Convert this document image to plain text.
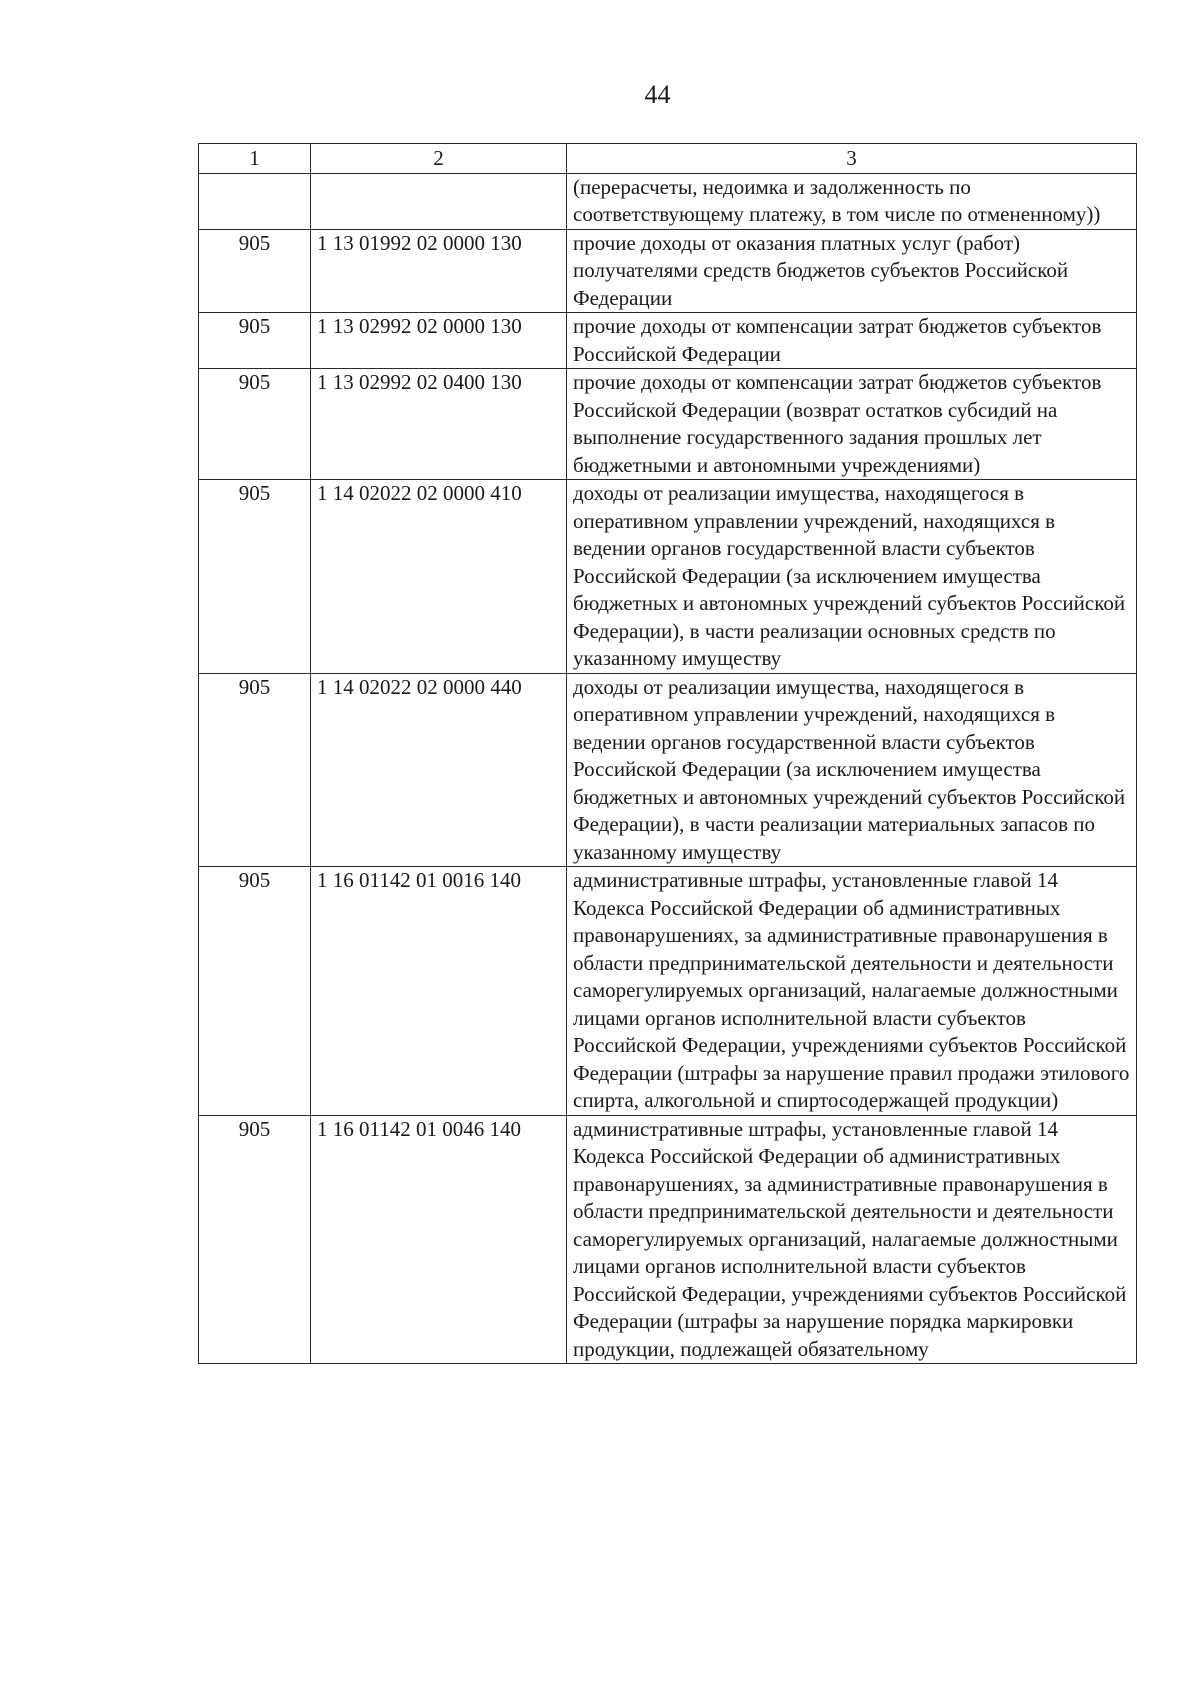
44
1	2	3
		(перерасчеты, недоимка и задолженность по соответствующему платежу, в том числе по отмененному))
905	1 13 01992 02 0000 130	прочие доходы от оказания платных услуг (работ) получателями средств бюджетов субъектов Российской Федерации
905	1 13 02992 02 0000 130	прочие доходы от компенсации затрат бюджетов субъектов Российской Федерации
905	1 13 02992 02 0400 130	прочие доходы от компенсации затрат бюджетов субъектов Российской Федерации (возврат остатков субсидий на выполнение государственного задания прошлых лет бюджетными и автономными учреждениями)
905	1 14 02022 02 0000 410	доходы от реализации имущества, находящегося в оперативном управлении учреждений, находящихся в ведении органов государственной власти субъектов Российской Федерации (за исключением имущества бюджетных и автономных учреждений субъектов Российской Федерации), в части реализации основных средств по указанному имуществу
905	1 14 02022 02 0000 440	доходы от реализации имущества, находящегося в оперативном управлении учреждений, находящихся в ведении органов государственной власти субъектов Российской Федерации (за исключением имущества бюджетных и автономных учреждений субъектов Российской Федерации), в части реализации материальных запасов по указанному имуществу
905	1 16 01142 01 0016 140	административные штрафы, установленные главой 14 Кодекса Российской Федерации об административных правонарушениях, за административные правонарушения в области предпринимательской деятельности и деятельности саморегулируемых организаций, налагаемые должностными лицами органов исполнительной власти субъектов Российской Федерации, учреждениями субъектов Российской Федерации (штрафы за нарушение правил продажи этилового спирта, алкогольной и спиртосодержащей продукции)
905	1 16 01142 01 0046 140	административные штрафы, установленные главой 14 Кодекса Российской Федерации об административных правонарушениях, за административные правонарушения в области предпринимательской деятельности и деятельности саморегулируемых организаций, налагаемые должностными лицами органов исполнительной власти субъектов Российской Федерации, учреждениями субъектов Российской Федерации (штрафы за нарушение порядка маркировки продукции, подлежащей обязательному
